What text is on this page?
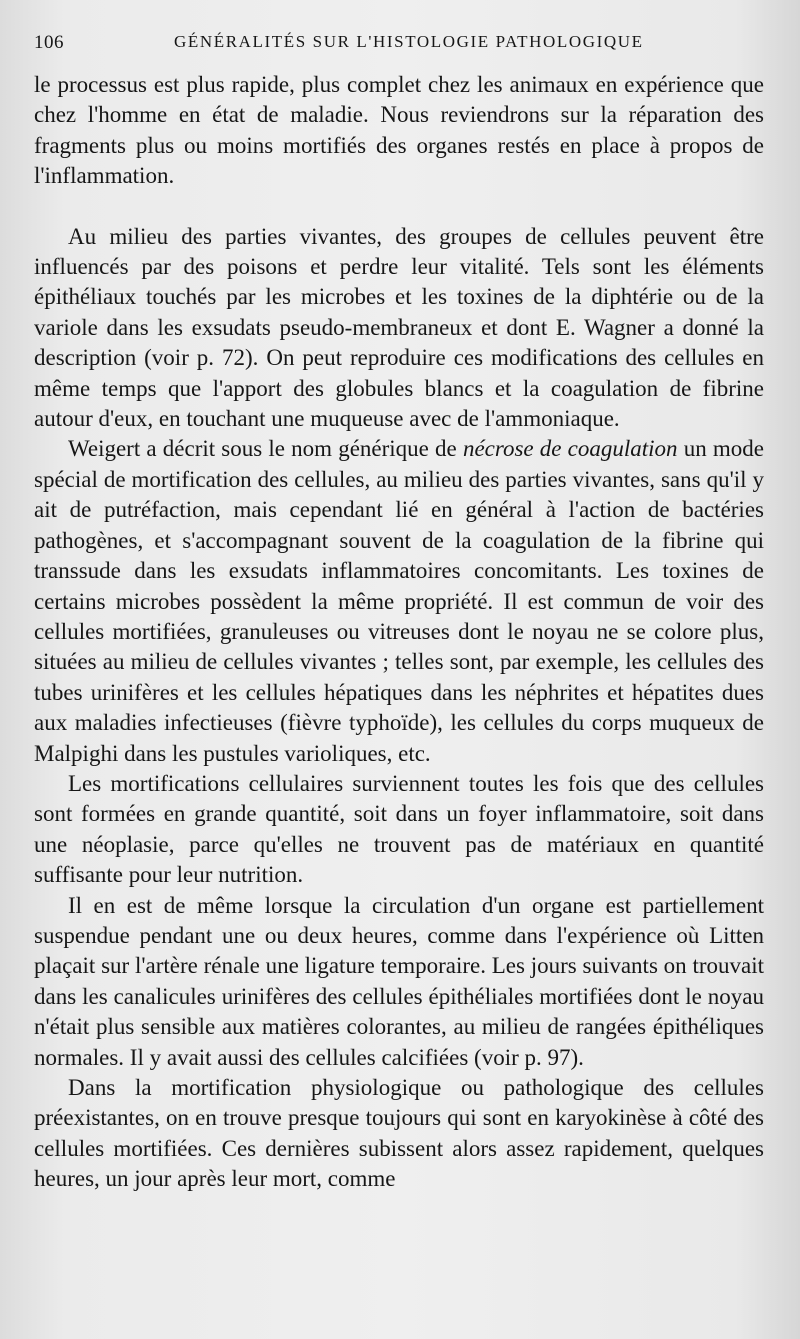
106	GÉNÉRALITÉS SUR L'HISTOLOGIE PATHOLOGIQUE

le processus est plus rapide, plus complet chez les animaux en expérience que chez l'homme en état de maladie. Nous reviendrons sur la réparation des fragments plus ou moins mortifiés des organes restés en place à propos de l'inflammation.

Au milieu des parties vivantes, des groupes de cellules peuvent être influencés par des poisons et perdre leur vitalité. Tels sont les éléments épithéliaux touchés par les microbes et les toxines de la diphtérie ou de la variole dans les exsudats pseudo-membraneux et dont E. Wagner a donné la description (voir p. 72). On peut reproduire ces modifications des cellules en même temps que l'apport des globules blancs et la coagulation de fibrine autour d'eux, en touchant une muqueuse avec de l'ammoniaque.

Weigert a décrit sous le nom générique de nécrose de coagulation un mode spécial de mortification des cellules, au milieu des parties vivantes, sans qu'il y ait de putréfaction, mais cependant lié en général à l'action de bactéries pathogènes, et s'accompagnant souvent de la coagulation de la fibrine qui transsude dans les exsudats inflammatoires concomitants. Les toxines de certains microbes possèdent la même propriété. Il est commun de voir des cellules mortifiées, granuleuses ou vitreuses dont le noyau ne se colore plus, situées au milieu de cellules vivantes ; telles sont, par exemple, les cellules des tubes urinifères et les cellules hépatiques dans les néphrites et hépatites dues aux maladies infectieuses (fièvre typhoïde), les cellules du corps muqueux de Malpighi dans les pustules varioliques, etc.

Les mortifications cellulaires surviennent toutes les fois que des cellules sont formées en grande quantité, soit dans un foyer inflammatoire, soit dans une néoplasie, parce qu'elles ne trouvent pas de matériaux en quantité suffisante pour leur nutrition.

Il en est de même lorsque la circulation d'un organe est partiellement suspendue pendant une ou deux heures, comme dans l'expérience où Litten plaçait sur l'artère rénale une ligature temporaire. Les jours suivants on trouvait dans les canalicules urinifères des cellules épithéliales mortifiées dont le noyau n'était plus sensible aux matières colorantes, au milieu de rangées épithéliques normales. Il y avait aussi des cellules calcifiées (voir p. 97).

Dans la mortification physiologique ou pathologique des cellules préexistantes, on en trouve presque toujours qui sont en karyokinèse à côté des cellules mortifiées. Ces dernières subissent alors assez rapidement, quelques heures, un jour après leur mort, comme
